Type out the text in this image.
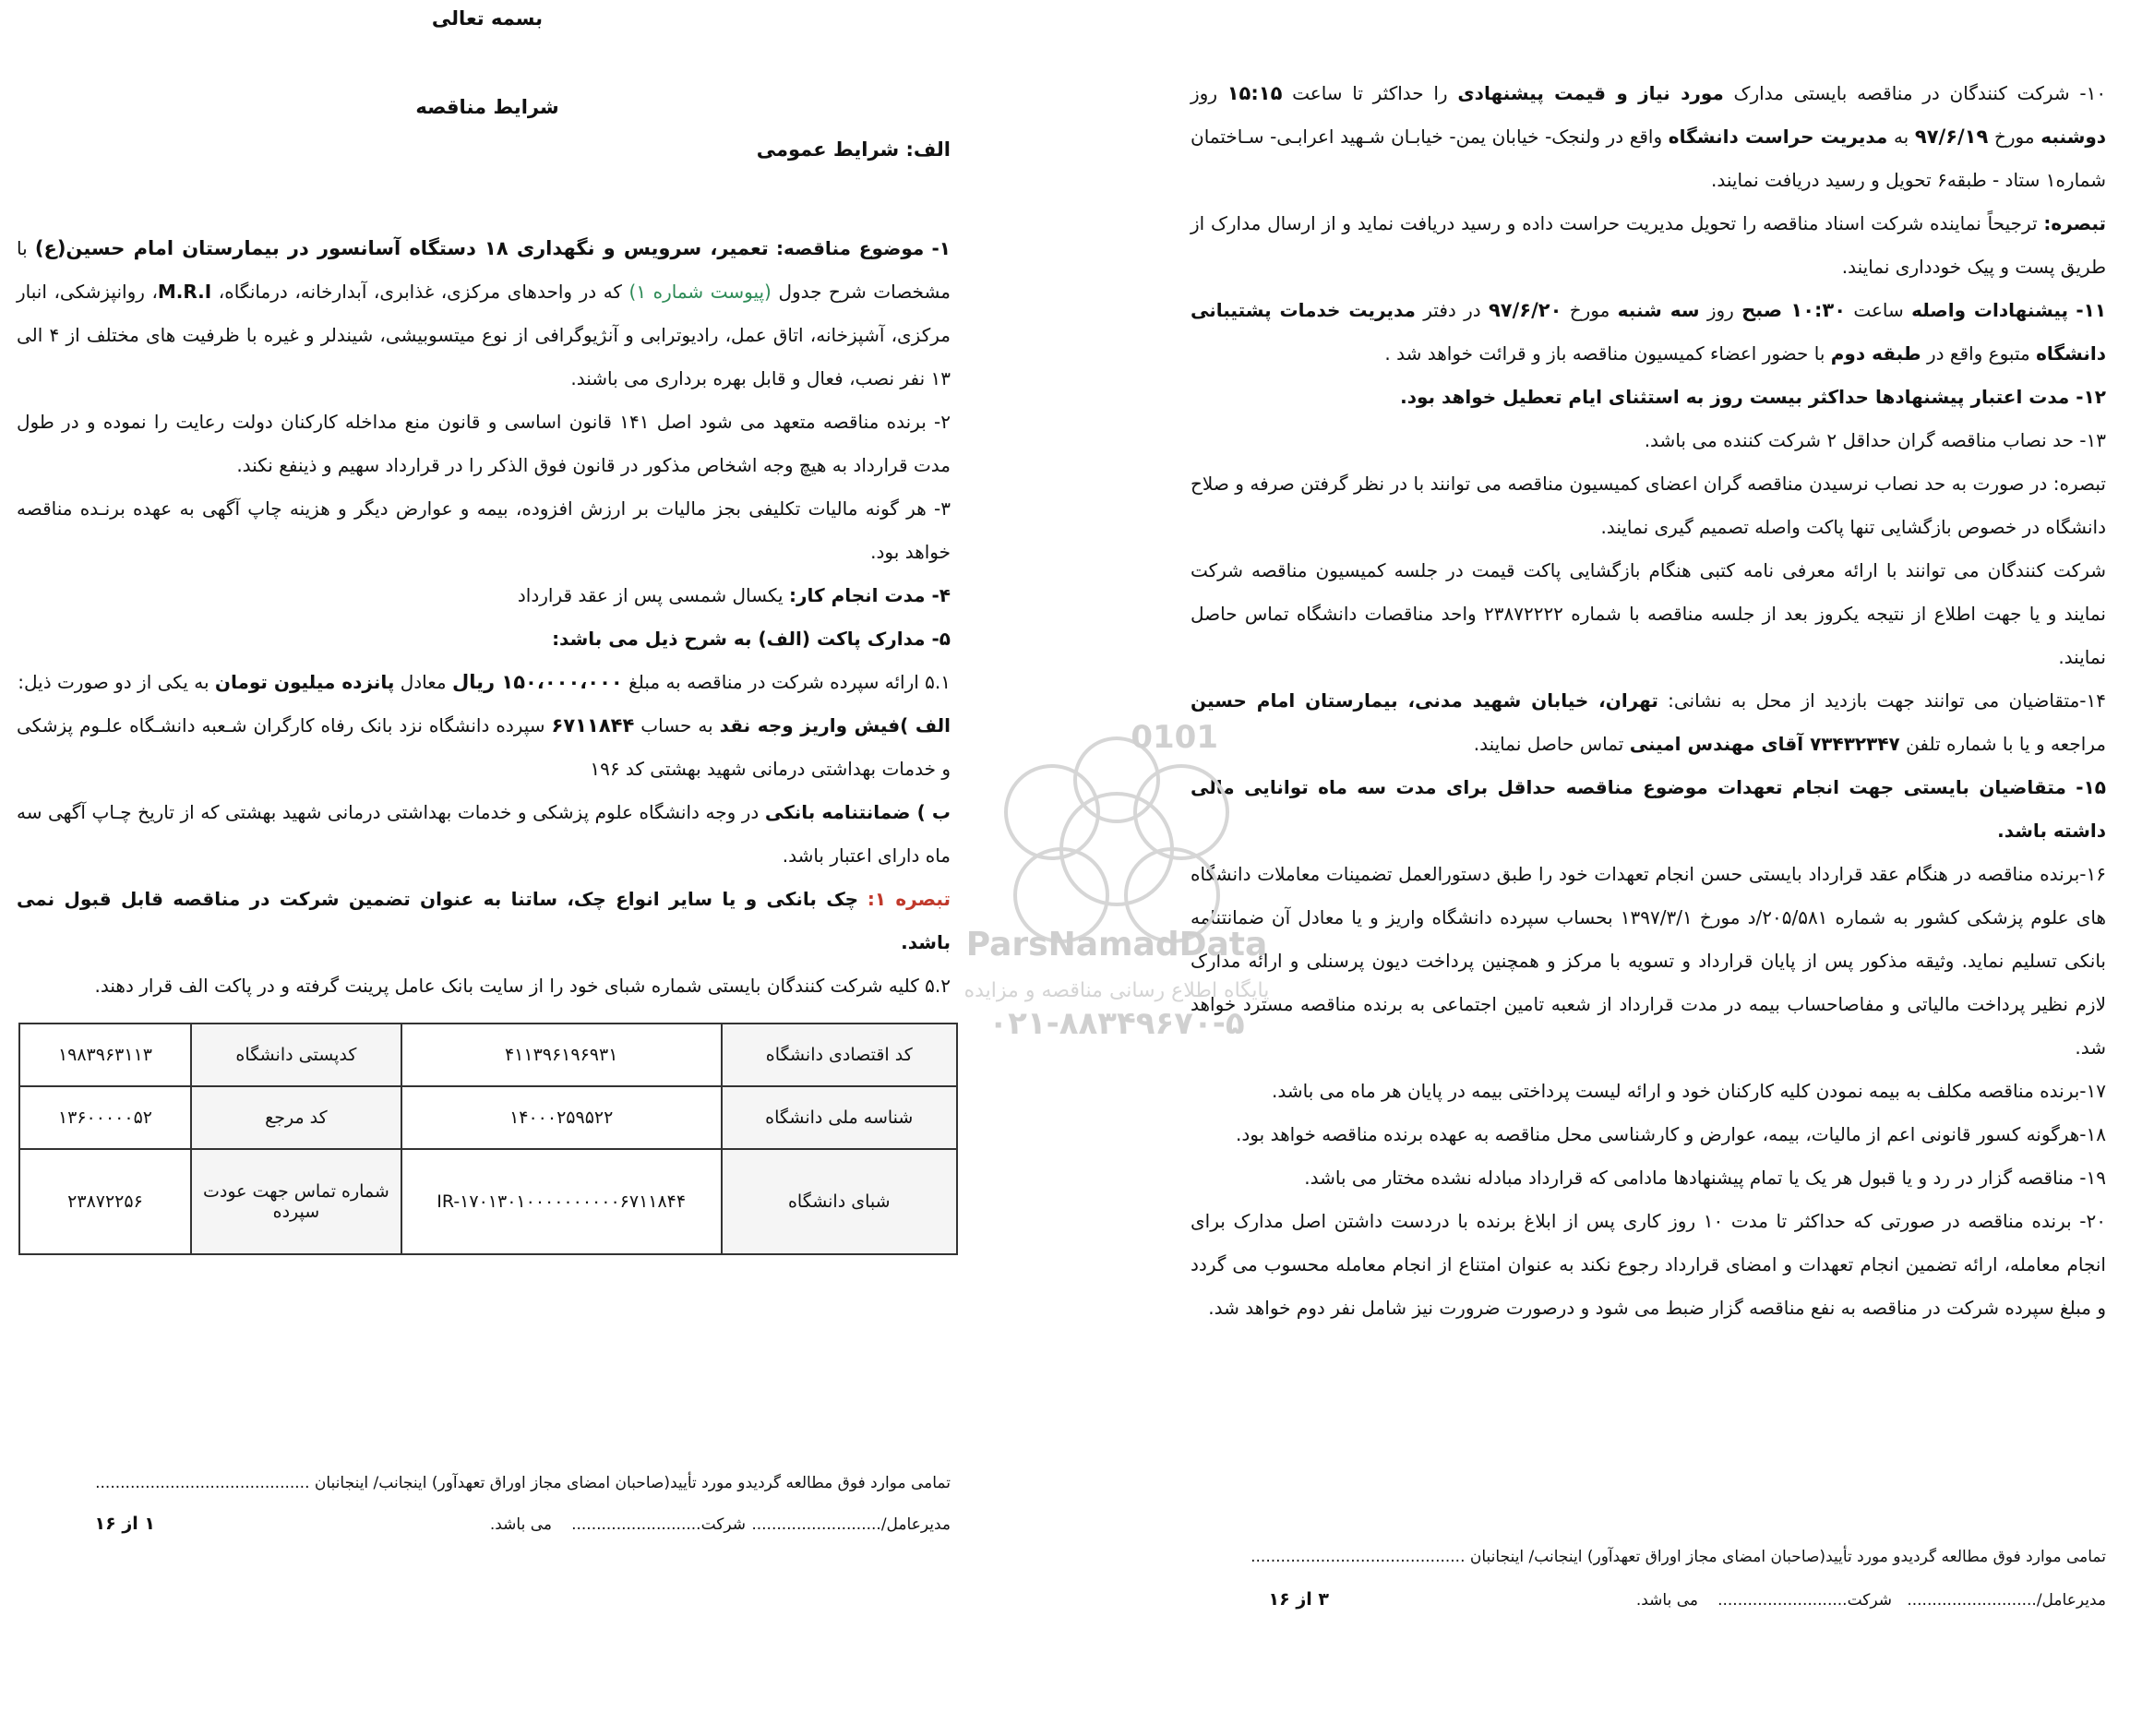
بسمه تعالی
شرایط مناقصه
الف: شرایط عمومی

۱- موضوع مناقصه: تعمیر، سرویس و نگهداری ۱۸ دستگاه آسانسور در بیمارستان امام حسین(ع) با مشخصات شرح جدول (پیوست شماره ۱) که در واحدهای مرکزی، غذابری، آبدارخانه، درمانگاه، M.R.I، روانپزشکی، انبار مرکزی، آشپزخانه، اتاق عمل، رادیوترابی و آنژیوگرافی از نوع میتسوبیشی، شیندلر و غیره با ظرفیت های مختلف از ۴ الی ۱۳ نفر نصب، فعال و قابل بهره برداری می باشند.

۲- برنده مناقصه متعهد می شود اصل ۱۴۱ قانون اساسی و قانون منع مداخله کارکنان دولت رعایت را نموده و در طول مدت قرارداد به هیچ وجه اشخاص مذکور در قانون فوق الذکر را در قرارداد سهیم و ذینفع نکند.

۳- هر گونه مالیات تکلیفی بجز مالیات بر ارزش افزوده، بیمه و عوارض دیگر و هزینه چاپ آگهی به عهده برنـده مناقصه خواهد بود.

۴- مدت انجام کار: یکسال شمسی پس از عقد قرارداد

۵- مدارک پاکت (الف) به شرح ذیل می باشد:

۵.۱ ارائه سپرده شرکت در مناقصه به مبلغ ۱۵۰،۰۰۰،۰۰۰ ریال معادل پانزده میلیون تومان به یکی از دو صورت ذیل:

الف )فیش واریز وجه نقد به حساب ۶۷۱۱۸۴۴ سپرده دانشگاه نزد بانک رفاه کارگران شـعبه دانشـگاه علـوم پزشکی و خدمات بهداشتی درمانی شهید بهشتی کد ۱۹۶

ب ) ضمانتنامه بانکی در وجه دانشگاه علوم پزشکی و خدمات بهداشتی درمانی شهید بهشتی که از تاریخ چـاپ آگهی سه ماه دارای اعتبار باشد.

تبصره ۱: چک بانکی و یا سایر انواع چک، ساتنا به عنوان تضمین شرکت در مناقصه قابل قبول نمی باشد.

۵.۲ کلیه شرکت کنندگان بایستی شماره شبای خود را از سایت بانک عامل پرینت گرفته و در پاکت الف قرار دهند.

کد اقتصادی دانشگاه	۴۱۱۳۹۶۱۹۶۹۳۱	کدپستی دانشگاه	۱۹۸۳۹۶۳۱۱۳
شناسه ملی دانشگاه	۱۴۰۰۰۲۵۹۵۲۲	کد مرجع	۱۳۶۰۰۰۰۰۵۲
شبای دانشگاه	IR-۱۷۰۱۳۰۱۰۰۰۰۰۰۰۰۰۰۶۷۱۱۸۴۴	شماره تماس جهت عودت سپرده	۲۳۸۷۲۲۵۶
تمامی موارد فوق مطالعه گردیدو مورد تأیید(صاحبان امضای مجاز اوراق تعهدآور) اینجانب/ اینجانبان ...........................................
مدیرعامل/..........................
شرکت..........................
می باشد.
۱ از ۱۶

۱۰- شرکت کنندگان در مناقصه بایستی مدارک مورد نیاز و قیمت پیشنهادی را حداکثر تا ساعت ۱۵:۱۵ روز دوشنبه مورخ ۹۷/۶/۱۹ به مدیریت حراست دانشگاه واقع در ولنجک- خیابان یمن- خیابـان شـهید اعرابـی- سـاختمان شماره۱ ستاد - طبقه۶ تحویل و رسید دریافت نمایند.

تبصره: ترجیحاً نماینده شرکت اسناد مناقصه را تحویل مدیریت حراست داده و رسید دریافت نماید و از ارسال مدارک از طریق پست و پیک خودداری نمایند.

۱۱- پیشنهادات واصله ساعت ۱۰:۳۰ صبح روز سه شنبه مورخ ۹۷/۶/۲۰ در دفتر مدیریت خدمات پشتیبانی دانشگاه متبوع واقع در طبقه دوم با حضور اعضاء کمیسیون مناقصه باز و قرائت خواهد شد .

۱۲- مدت اعتبار پیشنهادها حداکثر بیست روز به استثنای ایام تعطیل خواهد بود.

۱۳- حد نصاب مناقصه گران حداقل ۲ شرکت کننده می باشد.

تبصره: در صورت به حد نصاب نرسیدن مناقصه گران اعضای کمیسیون مناقصه می توانند با در نظر گرفتن صرفه و صلاح دانشگاه در خصوص بازگشایی تنها پاکت واصله تصمیم گیری نمایند.

شرکت کنندگان می توانند با ارائه معرفی نامه کتبی هنگام بازگشایی پاکت قیمت در جلسه کمیسیون مناقصه شرکت نمایند و یا جهت اطلاع از نتیجه یکروز بعد از جلسه مناقصه با شماره ۲۳۸۷۲۲۲۲ واحد مناقصات دانشگاه تماس حاصل نمایند.

۱۴-متقاضیان می توانند جهت بازدید از محل به نشانی: تهران، خیابان شهید مدنی، بیمارستان امام حسین مراجعه و یا با شماره تلفن ۷۳۴۳۲۳۴۷ آقای مهندس امینی تماس حاصل نمایند.

۱۵- متقاضیان بایستی جهت انجام تعهدات موضوع مناقصه حداقل برای مدت سه ماه توانایی مالی داشته باشد.

۱۶-برنده مناقصه در هنگام عقد قرارداد بایستی حسن انجام تعهدات خود را طبق دستورالعمل تضمینات معاملات دانشگاه های علوم پزشکی کشور به شماره ۲۰۵/۵۸۱/د مورخ ۱۳۹۷/۳/۱ بحساب سپرده دانشگاه واریز و یا معادل آن ضمانتنامه بانکی تسلیم نماید. وثیقه مذکور پس از پایان قرارداد و تسویه با مرکز و همچنین پرداخت دیون پرسنلی و ارائه مدارک لازم نظیر پرداخت مالیاتی و مفاصاحساب بیمه در مدت قرارداد از شعبه تامین اجتماعی به برنده مناقصه مسترد خواهد شد.

۱۷-برنده مناقصه مکلف به بیمه نمودن کلیه کارکنان خود و ارائه لیست پرداختی بیمه در پایان هر ماه می باشد.

۱۸-هرگونه کسور قانونی اعم از مالیات، بیمه، عوارض و کارشناسی محل مناقصه به عهده برنده مناقصه خواهد بود.

۱۹- مناقصه گزار در رد و یا قبول هر یک یا تمام پیشنهادها مادامی که قرارداد مبادله نشده مختار می باشد.

۲۰- برنده مناقصه در صورتی که حداکثر تا مدت ۱۰ روز کاری پس از ابلاغ برنده با دردست داشتن اصل مدارک برای انجام معامله، ارائه تضمین انجام تعهدات و امضای قرارداد رجوع نکند به عنوان امتناع از انجام معامله محسوب می گردد و مبلغ سپرده شرکت در مناقصه به نفع مناقصه گزار ضبط می شود و درصورت ضرورت نیز شامل نفر دوم خواهد شد.

تمامی موارد فوق مطالعه گردیدو مورد تأیید(صاحبان امضای مجاز اوراق تعهدآور) اینجانب/ اینجانبان ...........................................
مدیرعامل/..........................
شرکت..........................
می باشد.
۳ از ۱۶
0101
ParsNamadData
پایگاه اطلاع رسانی مناقصه و مزایده
۰۲۱-۸۸۳۴۹۶۷۰-۵
